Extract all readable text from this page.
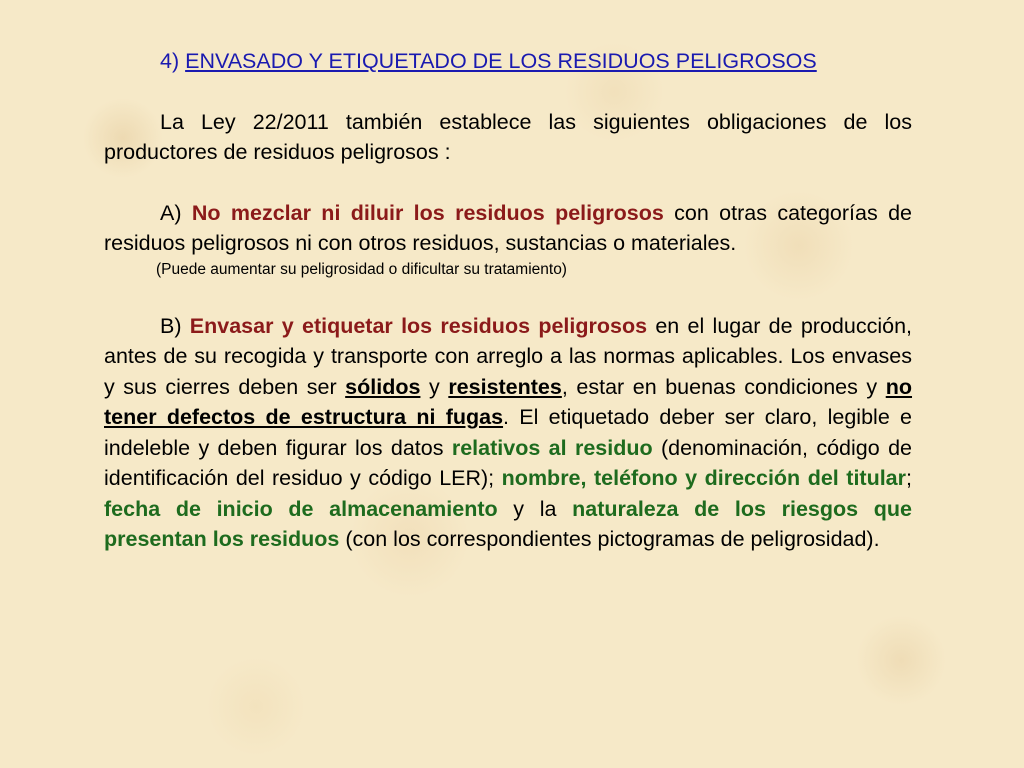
4) ENVASADO Y ETIQUETADO DE LOS RESIDUOS PELIGROSOS

La Ley 22/2011 también establece las siguientes obligaciones de los productores de residuos peligrosos :

A) No mezclar ni diluir los residuos peligrosos con otras categorías de residuos peligrosos ni con otros residuos, sustancias o materiales.

(Puede aumentar su peligrosidad o dificultar su tratamiento)

B) Envasar y etiquetar los residuos peligrosos en el lugar de producción, antes de su recogida y transporte con arreglo a las normas aplicables. Los envases y sus cierres deben ser sólidos y resistentes, estar en buenas condiciones y no tener defectos de estructura ni fugas. El etiquetado deber ser claro, legible e indeleble y deben figurar los datos relativos al residuo (denominación, código de identificación del residuo y código LER); nombre, teléfono y dirección del titular; fecha de inicio de almacenamiento y la naturaleza de los riesgos que presentan los residuos (con los correspondientes pictogramas de peligrosidad).
